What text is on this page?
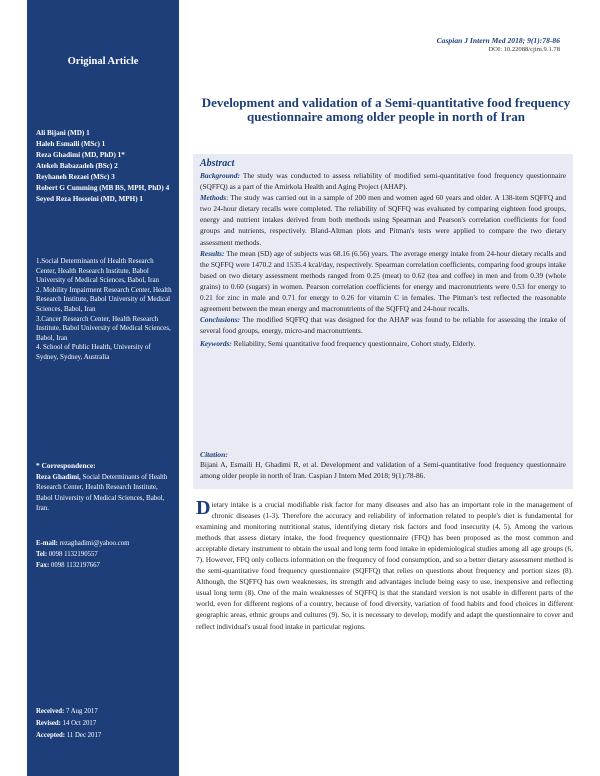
Original Article
Ali Bijani (MD) 1
Haleh Esmaili (MSc) 1
Reza Ghadimi (MD, PhD) 1*
Atekeh Babazadeh (BSc) 2
Reyhaneh Rezaei (MSc) 3
Robert G Cumming (MB BS, MPH, PhD) 4
Seyed Reza Hosseini (MD, MPH) 1
1.Social Determinants of Health Research Center, Health Research Institute, Babol University of Medical Sciences, Babol, Iran
2. Mobility Impairment Research Center, Health Research Institute, Babol University of Medical Sciences, Babol, Iran
3.Cancer Research Center, Health Research Institute, Babol University of Medical Sciences, Babol, Iran
4. School of Public Health, University of Sydney, Sydney, Australia
* Correspondence:
Reza Ghadimi, Social Determinants of Health Research Center, Health Research Institute, Babol University of Medical Sciences, Babol, Iran.
E-mail: rezaghadimi@yahoo.com
Tel: 0098 1132190557
Fax: 0098 1132197667
Received: 7 Aug 2017
Revised: 14 Oct 2017
Accepted: 11 Dec 2017
Caspian J Intern Med 2018; 9(1):78-86
DOI: 10.22088/cjim.9.1.78
Development and validation of a Semi-quantitative food frequency questionnaire among older people in north of Iran
Abstract

Background: The study was conducted to assess reliability of modified semi-quantitative food frequency questionnaire (SQFFQ) as a part of the Amirkola Health and Aging Project (AHAP).

Methods: The study was carried out in a sample of 200 men and women aged 60 years and older. A 138-item SQFFQ and two 24-hour dietary recalls were completed. The reliability of SQFFQ was evaluated by comparing eighteen food groups, energy and nutrient intakes derived from both methods using Spearman and Pearson's correlation coefficients for food groups and nutrients, respectively. Bland-Altman plots and Pitman's tests were applied to compare the two dietary assessment methods.

Results: The mean (SD) age of subjects was 68.16 (6.56) years. The average energy intake from 24-hour dietary recalls and the SQFFQ were 1470.2 and 1535.4 kcal/day, respectively. Spearman correlation coefficients, comparing food groups intake based on two dietary assessment methods ranged from 0.25 (meat) to 0.62 (tea and coffee) in men and from 0.39 (whole grains) to 0.60 (sugars) in women. Pearson correlation coefficients for energy and macronutrients were 0.53 for energy to 0.21 for zinc in male and 0.71 for energy to 0.26 for vitamin C in females. The Pitman's test reflected the reasonable agreement between the mean energy and macronutrients of the SQFFQ and 24-hour recalls.

Conclusions: The modified SQFFQ that was designed for the AHAP was found to be reliable for assessing the intake of several food groups, energy, micro-and macronutrients.

Keywords: Reliability, Semi quantitative food frequency questionnaire, Cohort study, Elderly.

Citation:
Bijani A, Esmaili H, Ghadimi R, et al. Development and validation of a Semi-quantitative food frequency questionnaire among older people in north of Iran. Caspian J Intern Med 2018; 9(1):78-86.
Dietary intake is a crucial modifiable risk factor for many diseases and also has an important role in the management of chronic diseases (1-3). Therefore the accuracy and reliability of information related to people's diet is fundamental for examining and monitoring nutritional status, identifying dietary risk factors and food insecurity (4, 5). Among the various methods that assess dietary intake, the food frequency questionnaire (FFQ) has been proposed as the most common and acceptable dietary instrument to obtain the usual and long term food intake in epidemiological studies among all age groups (6, 7). However, FFQ only collects information on the frequency of food consumption, and so a better dietary assessment method is the semi-quantitative food frequency questionnaire (SQFFQ) that relies on questions about frequency and portion sizes (8). Although, the SQFFQ has own weaknesses, its strength and advantages include being easy to use, inexpensive and reflecting usual long term (8). One of the main weaknesses of SQFFQ is that the standard version is not usable in different parts of the world, even for different regions of a country, because of food diversity, variation of food habits and food choices in different geographic areas, ethnic groups and cultures (9). So, it is necessary to develop, modify and adapt the questionnaire to cover and reflect individual's usual food intake in particular regions.
